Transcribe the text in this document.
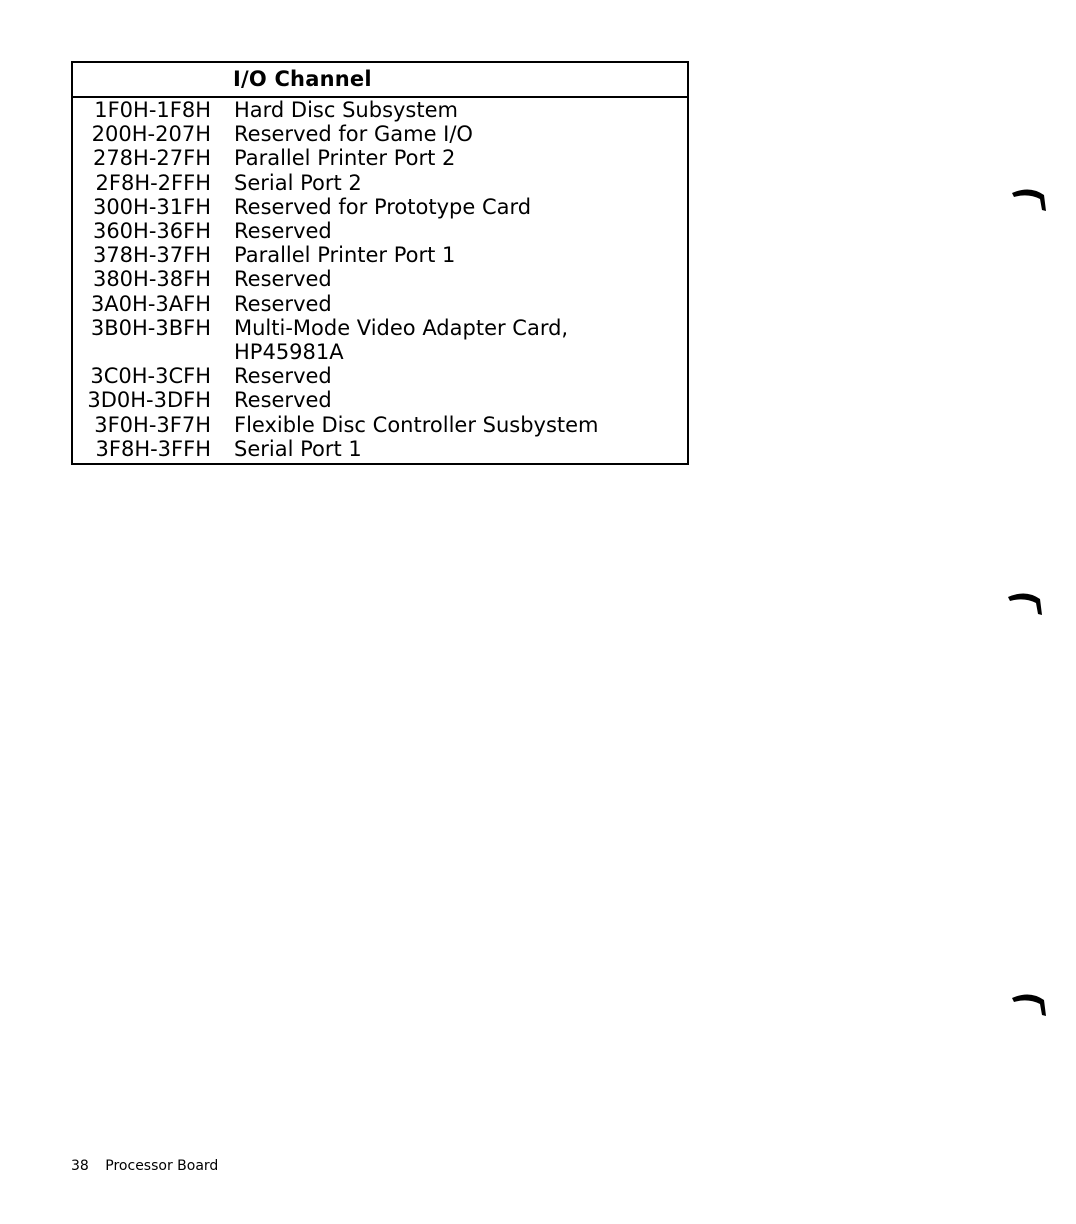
I/O Channel
1F0H-1F8H	Hard Disc Subsystem
200H-207H	Reserved for Game I/O
278H-27FH	Parallel Printer Port 2
2F8H-2FFH	Serial Port 2
300H-31FH	Reserved for Prototype Card
360H-36FH	Reserved
378H-37FH	Parallel Printer Port 1
380H-38FH	Reserved
3A0H-3AFH	Reserved
3B0H-3BFH	Multi-Mode Video Adapter Card,
HP45981A
3C0H-3CFH	Reserved
3D0H-3DFH	Reserved
3F0H-3F7H	Flexible Disc Controller Susbystem
3F8H-3FFH	Serial Port 1
38 Processor Board
